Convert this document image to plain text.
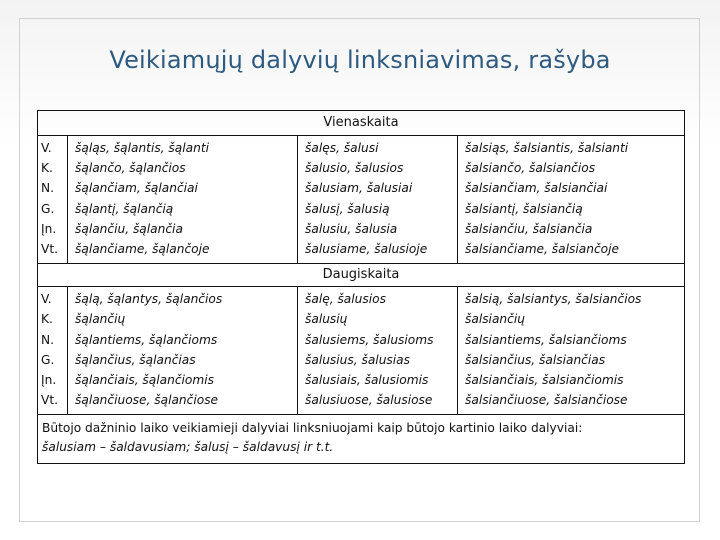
Veikiamųjų dalyvių linksniavimas, rašyba
Vienaskaita
V.
K.
N.
G.
Įn.
Vt.
šąląs, šąlantis, šąlanti
šąlančo, šąlančios
šąlančiam, šąlančiai
šąlantį, šąlančią
šąlančiu, šąlančia
šąlančiame, šąlančoje
šalęs, šalusi
šalusio, šalusios
šalusiam, šalusiai
šalusį, šalusią
šalusiu, šalusia
šalusiame, šalusioje
šalsiąs, šalsiantis, šalsianti
šalsiančo, šalsiančios
šalsiančiam, šalsiančiai
šalsiantį, šalsiančią
šalsiančiu, šalsiančia
šalsiančiame, šalsiančoje
Daugiskaita
V.
K.
N.
G.
Įn.
Vt.
šąlą, šąlantys, šąlančios
šąlančių
šąlantiems, šąlančioms
šąlančius, šąlančias
šąlančiais, šąlančiomis
šąlančiuose, šąlančiose
šalę, šalusios
šalusių
šalusiems, šalusioms
šalusius, šalusias
šalusiais, šalusiomis
šalusiuose, šalusiose
šalsią, šalsiantys, šalsiančios
šalsiančių
šalsiantiems, šalsiančioms
šalsiančius, šalsiančias
šalsiančiais, šalsiančiomis
šalsiančiuose, šalsiančiose
Būtojo dažninio laiko veikiamieji dalyviai linksniuojami kaip būtojo kartinio laiko dalyviai:
šalusiam – šaldavusiam; šalusį – šaldavusį ir t.t.
